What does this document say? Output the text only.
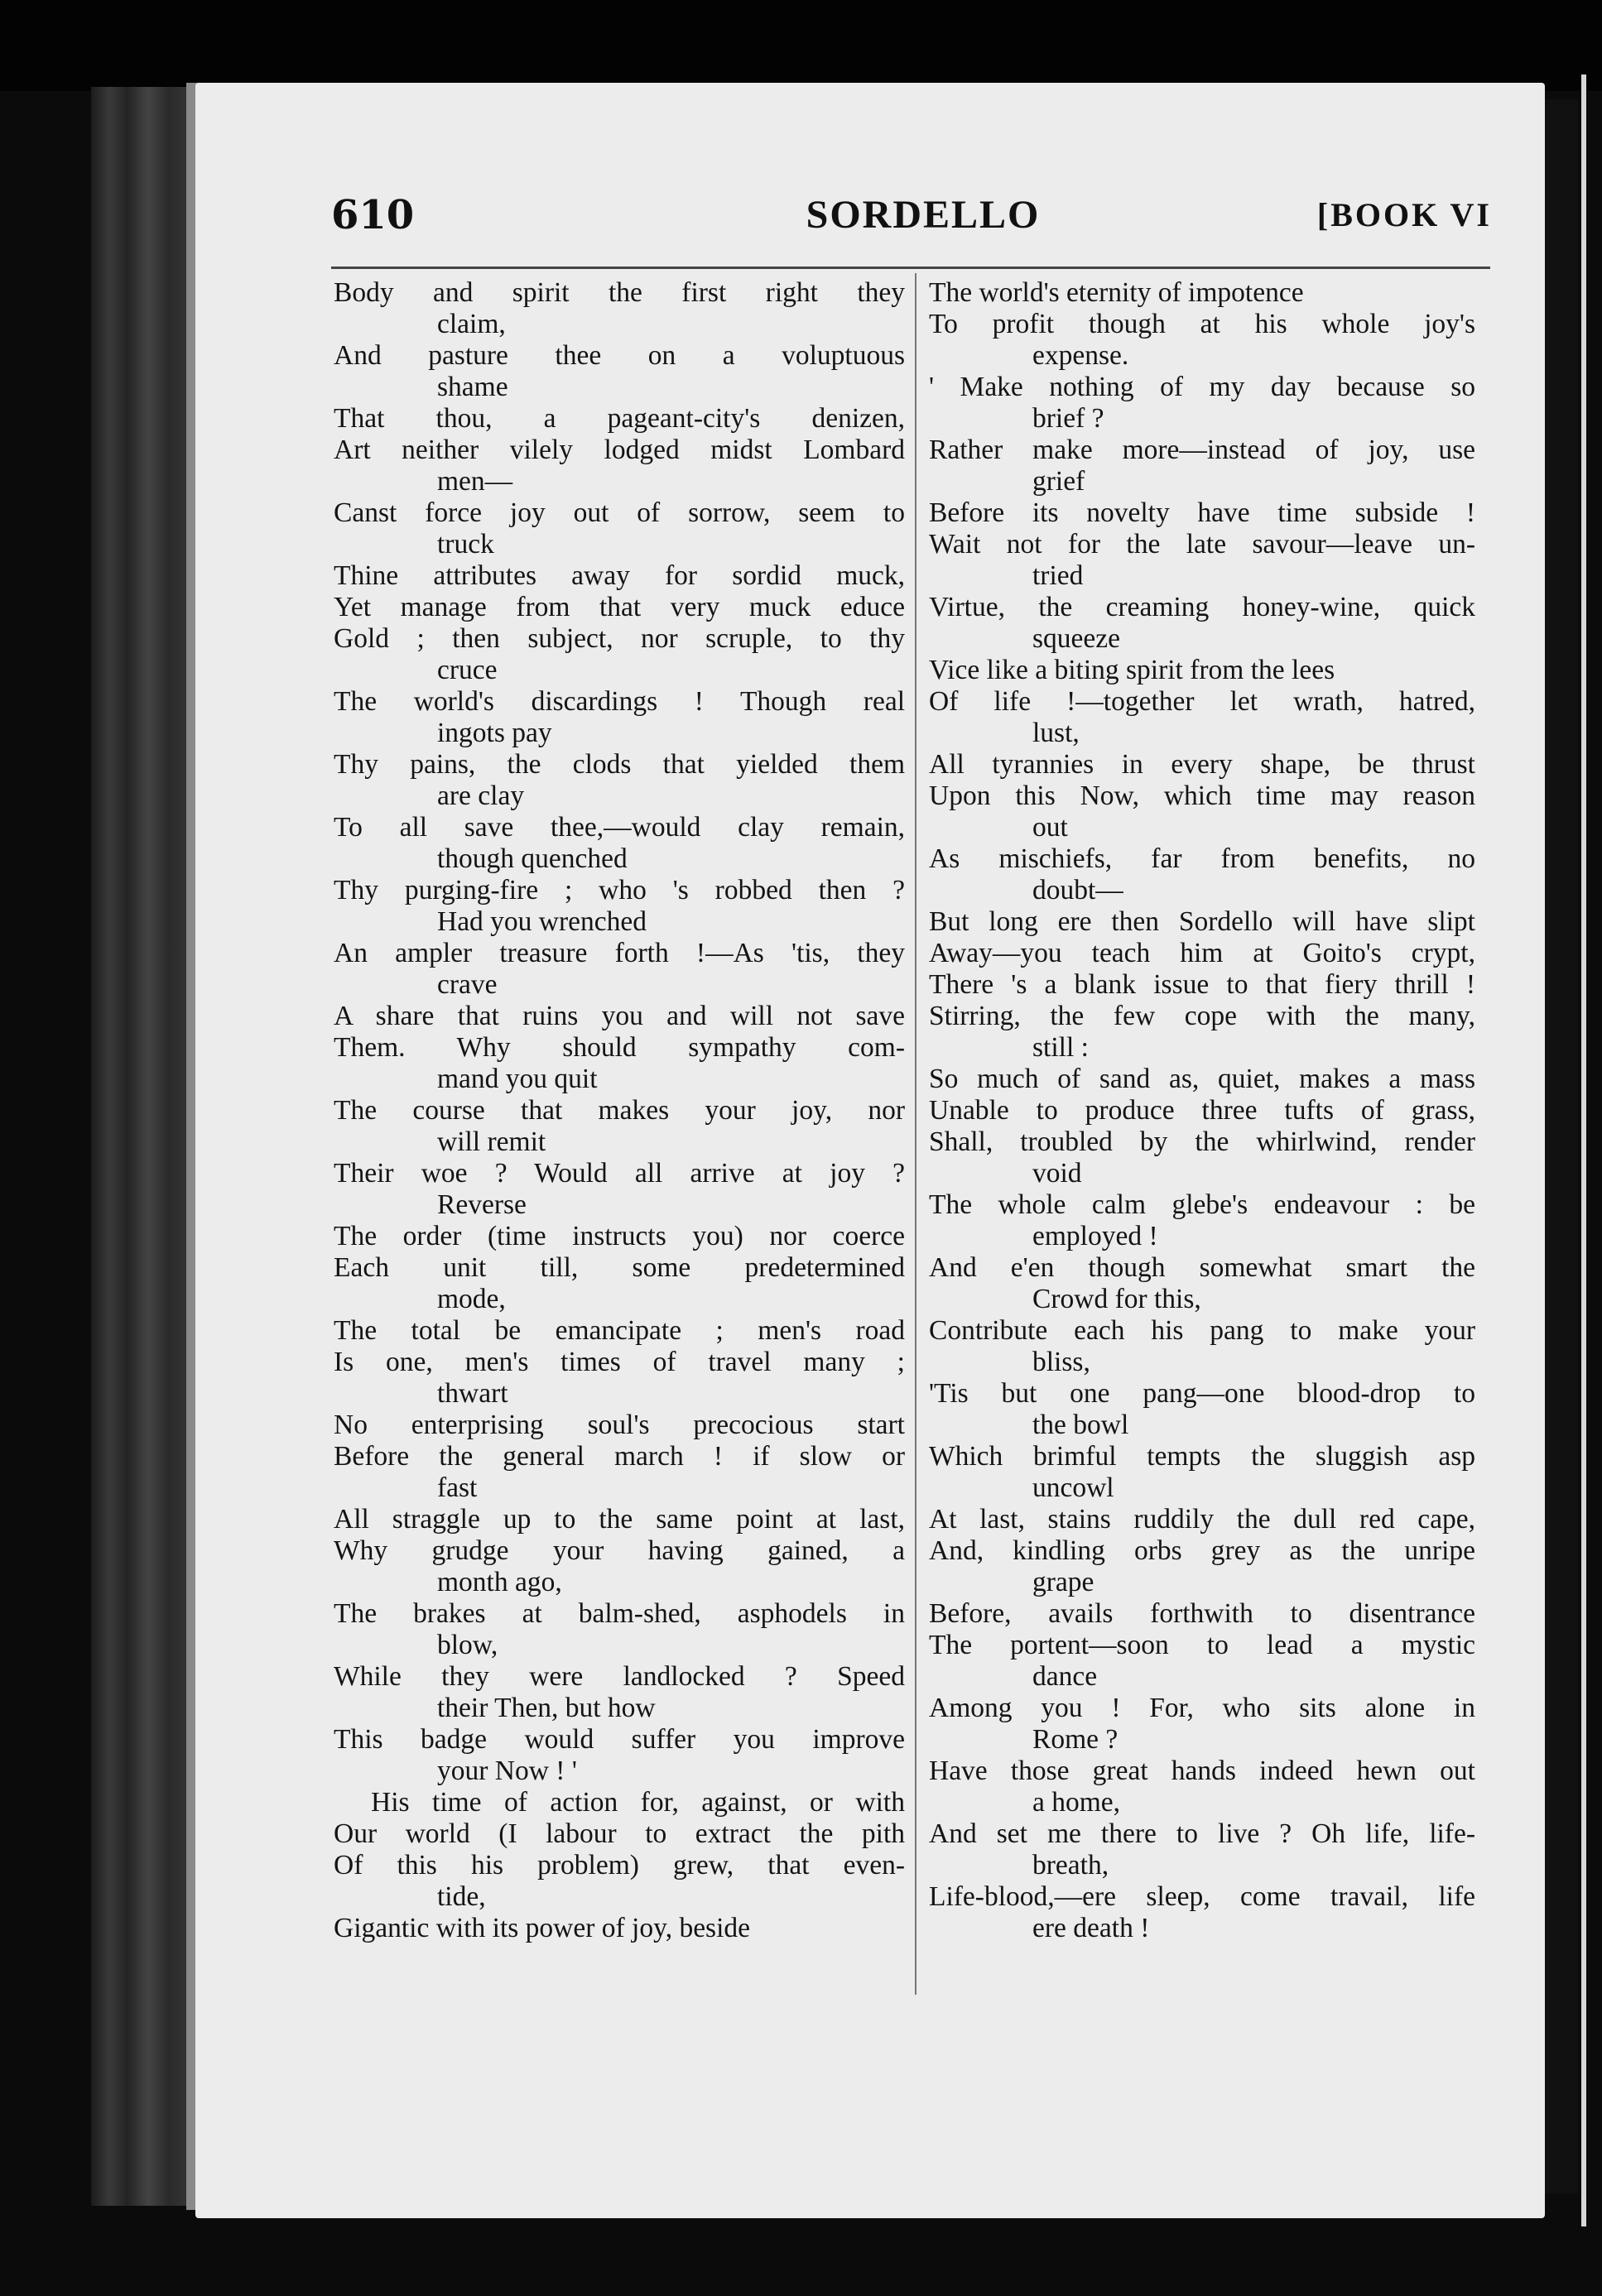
610	SORDELLO	[BOOK VI
Body and spirit the first right they
claim,
And pasture thee on a voluptuous
shame
That thou, a pageant-city's denizen,
Art neither vilely lodged midst Lombard
men—
Canst force joy out of sorrow, seem to
truck
Thine attributes away for sordid muck,
Yet manage from that very muck educe
Gold ; then subject, nor scruple, to thy
cruce
The world's discardings ! Though real
ingots pay
Thy pains, the clods that yielded them
are clay
To all save thee,—would clay remain,
though quenched
Thy purging-fire ; who 's robbed then ?
Had you wrenched
An ampler treasure forth !—As 'tis, they
crave
A share that ruins you and will not save
Them. Why should sympathy com-
mand you quit
The course that makes your joy, nor
will remit
Their woe ? Would all arrive at joy ?
Reverse
The order (time instructs you) nor coerce
Each unit till, some predetermined
mode,
The total be emancipate ; men's road
Is one, men's times of travel many ;
thwart
No enterprising soul's precocious start
Before the general march ! if slow or
fast
All straggle up to the same point at last,
Why grudge your having gained, a
month ago,
The brakes at balm-shed, asphodels in
blow,
While they were landlocked ? Speed
their Then, but how
This badge would suffer you improve
your Now ! '
His time of action for, against, or with
Our world (I labour to extract the pith
Of this his problem) grew, that even-
tide,
Gigantic with its power of joy, beside
The world's eternity of impotence
To profit though at his whole joy's
expense.
' Make nothing of my day because so
brief ?
Rather make more—instead of joy, use
grief
Before its novelty have time subside !
Wait not for the late savour—leave un-
tried
Virtue, the creaming honey-wine, quick
squeeze
Vice like a biting spirit from the lees
Of life !—together let wrath, hatred,
lust,
All tyrannies in every shape, be thrust
Upon this Now, which time may reason
out
As mischiefs, far from benefits, no
doubt—
But long ere then Sordello will have slipt
Away—you teach him at Goito's crypt,
There 's a blank issue to that fiery thrill !
Stirring, the few cope with the many,
still :
So much of sand as, quiet, makes a mass
Unable to produce three tufts of grass,
Shall, troubled by the whirlwind, render
void
The whole calm glebe's endeavour : be
employed !
And e'en though somewhat smart the
Crowd for this,
Contribute each his pang to make your
bliss,
'Tis but one pang—one blood-drop to
the bowl
Which brimful tempts the sluggish asp
uncowl
At last, stains ruddily the dull red cape,
And, kindling orbs grey as the unripe
grape
Before, avails forthwith to disentrance
The portent—soon to lead a mystic
dance
Among you ! For, who sits alone in
Rome ?
Have those great hands indeed hewn out
a home,
And set me there to live ? Oh life, life-
breath,
Life-blood,—ere sleep, come travail, life
ere death !
